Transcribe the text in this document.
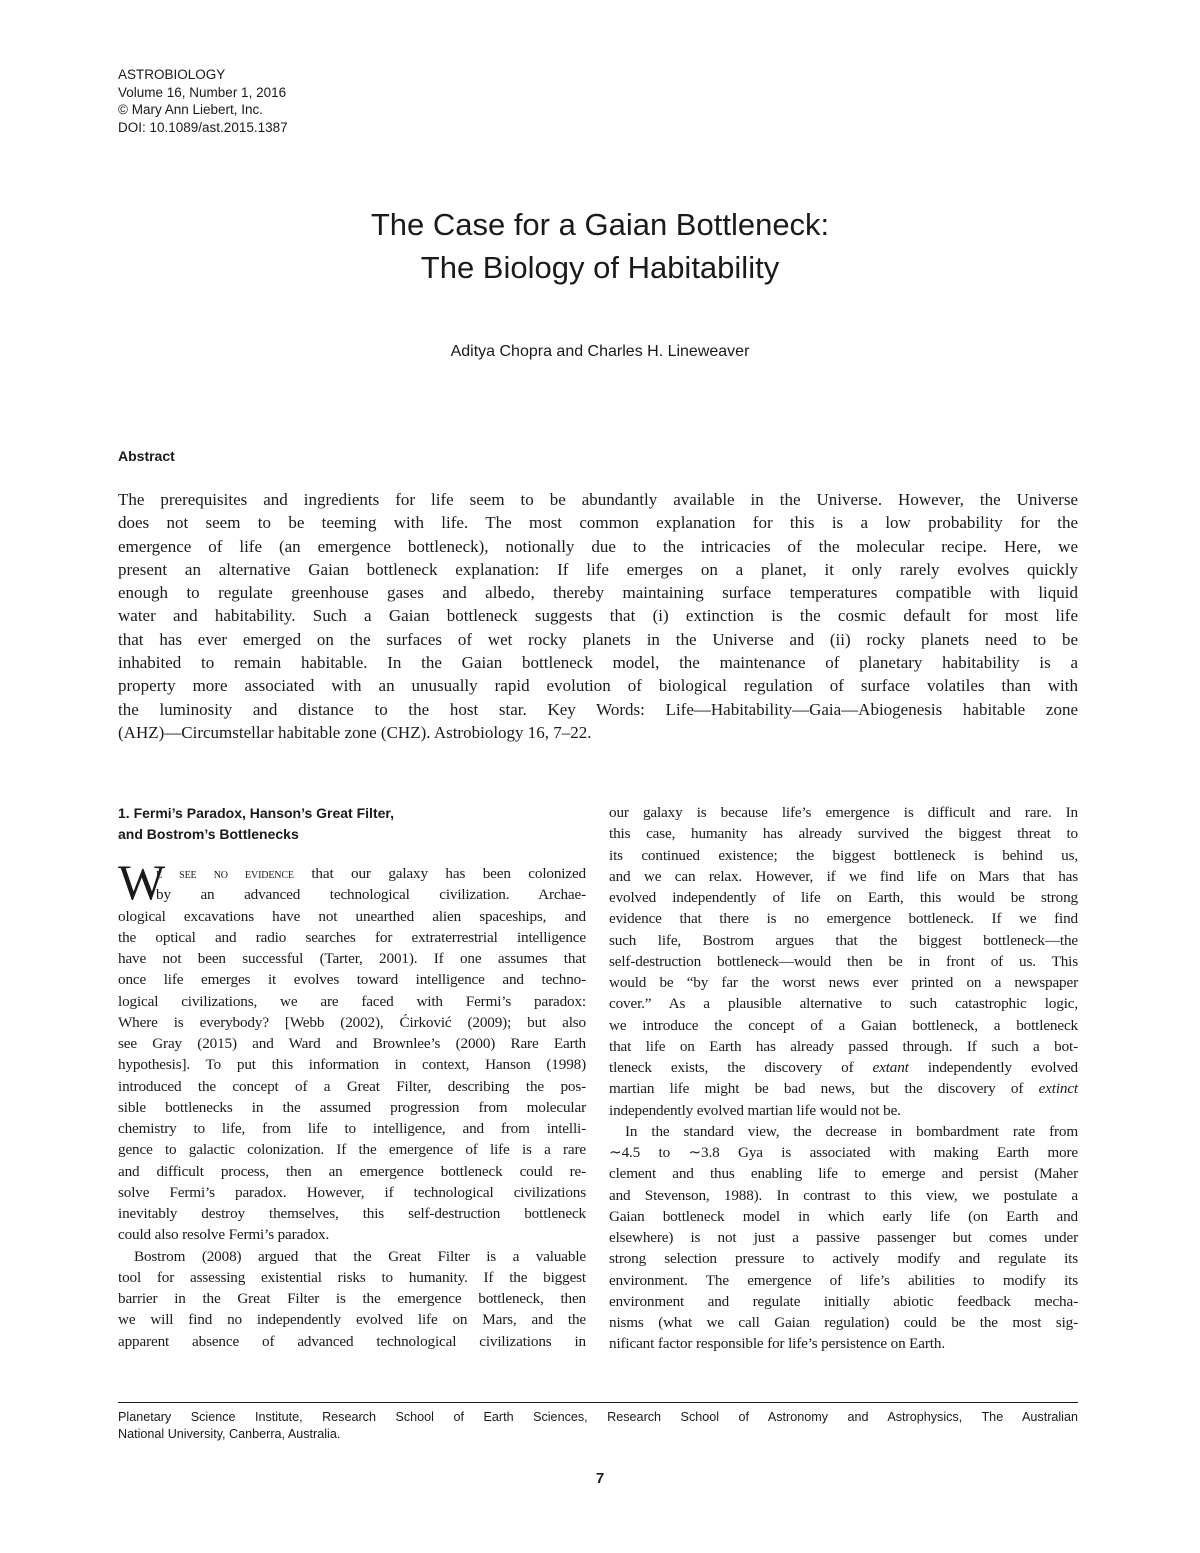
ASTROBIOLOGY
Volume 16, Number 1, 2016
© Mary Ann Liebert, Inc.
DOI: 10.1089/ast.2015.1387
The Case for a Gaian Bottleneck:
The Biology of Habitability
Aditya Chopra and Charles H. Lineweaver
Abstract
The prerequisites and ingredients for life seem to be abundantly available in the Universe. However, the Universe
does not seem to be teeming with life. The most common explanation for this is a low probability for the
emergence of life (an emergence bottleneck), notionally due to the intricacies of the molecular recipe. Here, we
present an alternative Gaian bottleneck explanation: If life emerges on a planet, it only rarely evolves quickly
enough to regulate greenhouse gases and albedo, thereby maintaining surface temperatures compatible with liquid
water and habitability. Such a Gaian bottleneck suggests that (i) extinction is the cosmic default for most life
that has ever emerged on the surfaces of wet rocky planets in the Universe and (ii) rocky planets need to be
inhabited to remain habitable. In the Gaian bottleneck model, the maintenance of planetary habitability is a
property more associated with an unusually rapid evolution of biological regulation of surface volatiles than with
the luminosity and distance to the host star. Key Words: Life—Habitability—Gaia—Abiogenesis habitable zone
(AHZ)—Circumstellar habitable zone (CHZ). Astrobiology 16, 7–22.
1. Fermi’s Paradox, Hanson’s Great Filter,
and Bostrom’s Bottlenecks
W
e see no evidence that our galaxy has been colonized
by an advanced technological civilization. Archae-
ological excavations have not unearthed alien spaceships, and
the optical and radio searches for extraterrestrial intelligence
have not been successful (Tarter, 2001). If one assumes that
once life emerges it evolves toward intelligence and techno-
logical civilizations, we are faced with Fermi’s paradox:
Where is everybody? [Webb (2002), Ćirković (2009); but also
see Gray (2015) and Ward and Brownlee’s (2000) Rare Earth
hypothesis]. To put this information in context, Hanson (1998)
introduced the concept of a Great Filter, describing the pos-
sible bottlenecks in the assumed progression from molecular
chemistry to life, from life to intelligence, and from intelli-
gence to galactic colonization. If the emergence of life is a rare
and difficult process, then an emergence bottleneck could re-
solve Fermi’s paradox. However, if technological civilizations
inevitably destroy themselves, this self-destruction bottleneck
could also resolve Fermi’s paradox.
Bostrom (2008) argued that the Great Filter is a valuable
tool for assessing existential risks to humanity. If the biggest
barrier in the Great Filter is the emergence bottleneck, then
we will find no independently evolved life on Mars, and the
apparent absence of advanced technological civilizations in
our galaxy is because life’s emergence is difficult and rare. In
this case, humanity has already survived the biggest threat to
its continued existence; the biggest bottleneck is behind us,
and we can relax. However, if we find life on Mars that has
evolved independently of life on Earth, this would be strong
evidence that there is no emergence bottleneck. If we find
such life, Bostrom argues that the biggest bottleneck—the
self-destruction bottleneck—would then be in front of us. This
would be “by far the worst news ever printed on a newspaper
cover.” As a plausible alternative to such catastrophic logic,
we introduce the concept of a Gaian bottleneck, a bottleneck
that life on Earth has already passed through. If such a bot-
tleneck exists, the discovery of extant independently evolved
martian life might be bad news, but the discovery of extinct
independently evolved martian life would not be.
In the standard view, the decrease in bombardment rate from
∼4.5 to ∼3.8 Gya is associated with making Earth more
clement and thus enabling life to emerge and persist (Maher
and Stevenson, 1988). In contrast to this view, we postulate a
Gaian bottleneck model in which early life (on Earth and
elsewhere) is not just a passive passenger but comes under
strong selection pressure to actively modify and regulate its
environment. The emergence of life’s abilities to modify its
environment and regulate initially abiotic feedback mecha-
nisms (what we call Gaian regulation) could be the most sig-
nificant factor responsible for life’s persistence on Earth.
Planetary Science Institute, Research School of Earth Sciences, Research School of Astronomy and Astrophysics, The Australian
National University, Canberra, Australia.
7
